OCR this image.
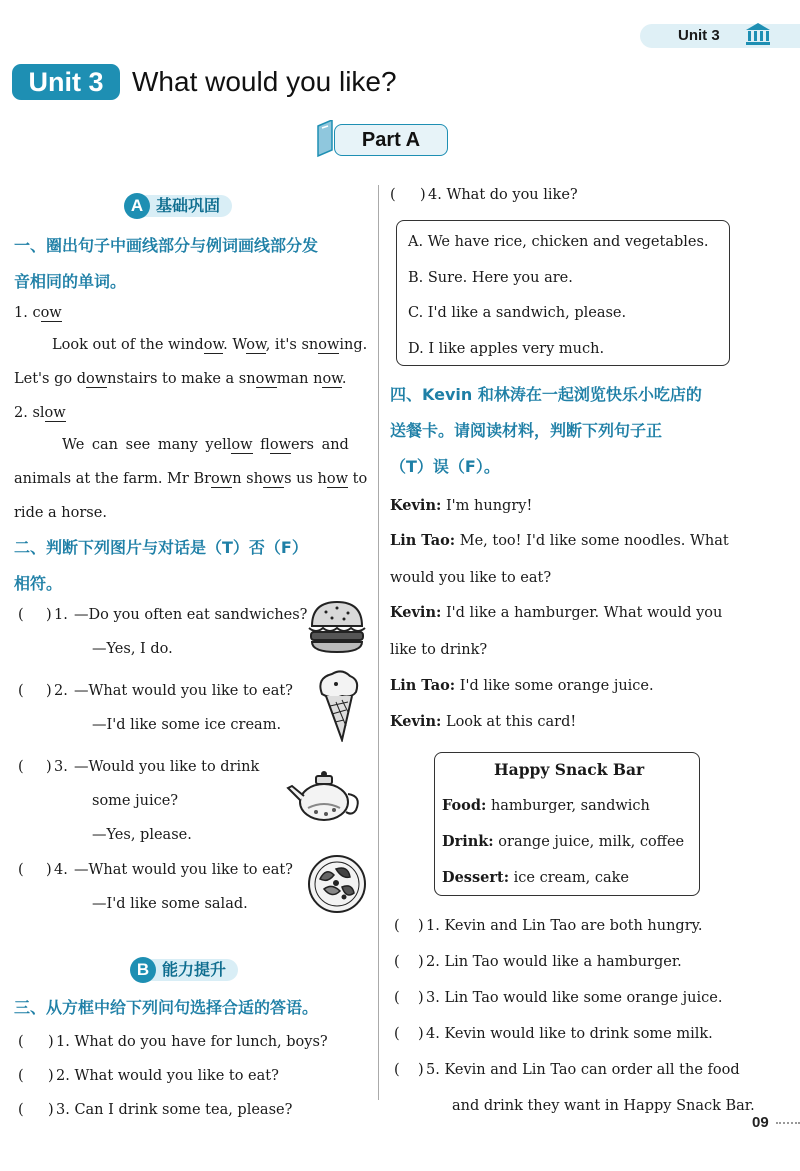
Unit 3
Unit 3	What would you like?
Part A
A 基础巩固
一、圈出句子中画线部分与例词画线部分发
音相同的单词。
1. cow
Look out of the window. Wow, it's snowing.
Let's go downstairs to make a snowman now.
2. slow
We can see many yellow flowers and
animals at the farm. Mr Brown shows us how to
ride a horse.
二、判断下列图片与对话是（T）否（F）
相符。
( ) 1. —Do you often eat sandwiches?
—Yes, I do.
( ) 2. —What would you like to eat?
—I'd like some ice cream.
( ) 3. —Would you like to drink
some juice?
—Yes, please.
( ) 4. —What would you like to eat?
—I'd like some salad.
B 能力提升
三、从方框中给下列问句选择合适的答语。
( ) 1. What do you have for lunch, boys?
( ) 2. What would you like to eat?
( ) 3. Can I drink some tea, please?
( ) 4. What do you like?
A. We have rice, chicken and vegetables.
B. Sure. Here you are.
C. I'd like a sandwich, please.
D. I like apples very much.
四、Kevin 和林涛在一起浏览快乐小吃店的
送餐卡。请阅读材料，判断下列句子正
（T）误（F）。
Kevin: I'm hungry!
Lin Tao: Me, too! I'd like some noodles. What
would you like to eat?
Kevin: I'd like a hamburger. What would you
like to drink?
Lin Tao: I'd like some orange juice.
Kevin: Look at this card!
Happy Snack Bar
Food: hamburger, sandwich
Drink: orange juice, milk, coffee
Dessert: ice cream, cake
( ) 1. Kevin and Lin Tao are both hungry.
( ) 2. Lin Tao would like a hamburger.
( ) 3. Lin Tao would like some orange juice.
( ) 4. Kevin would like to drink some milk.
( ) 5. Kevin and Lin Tao can order all the food
and drink they want in Happy Snack Bar.
09
